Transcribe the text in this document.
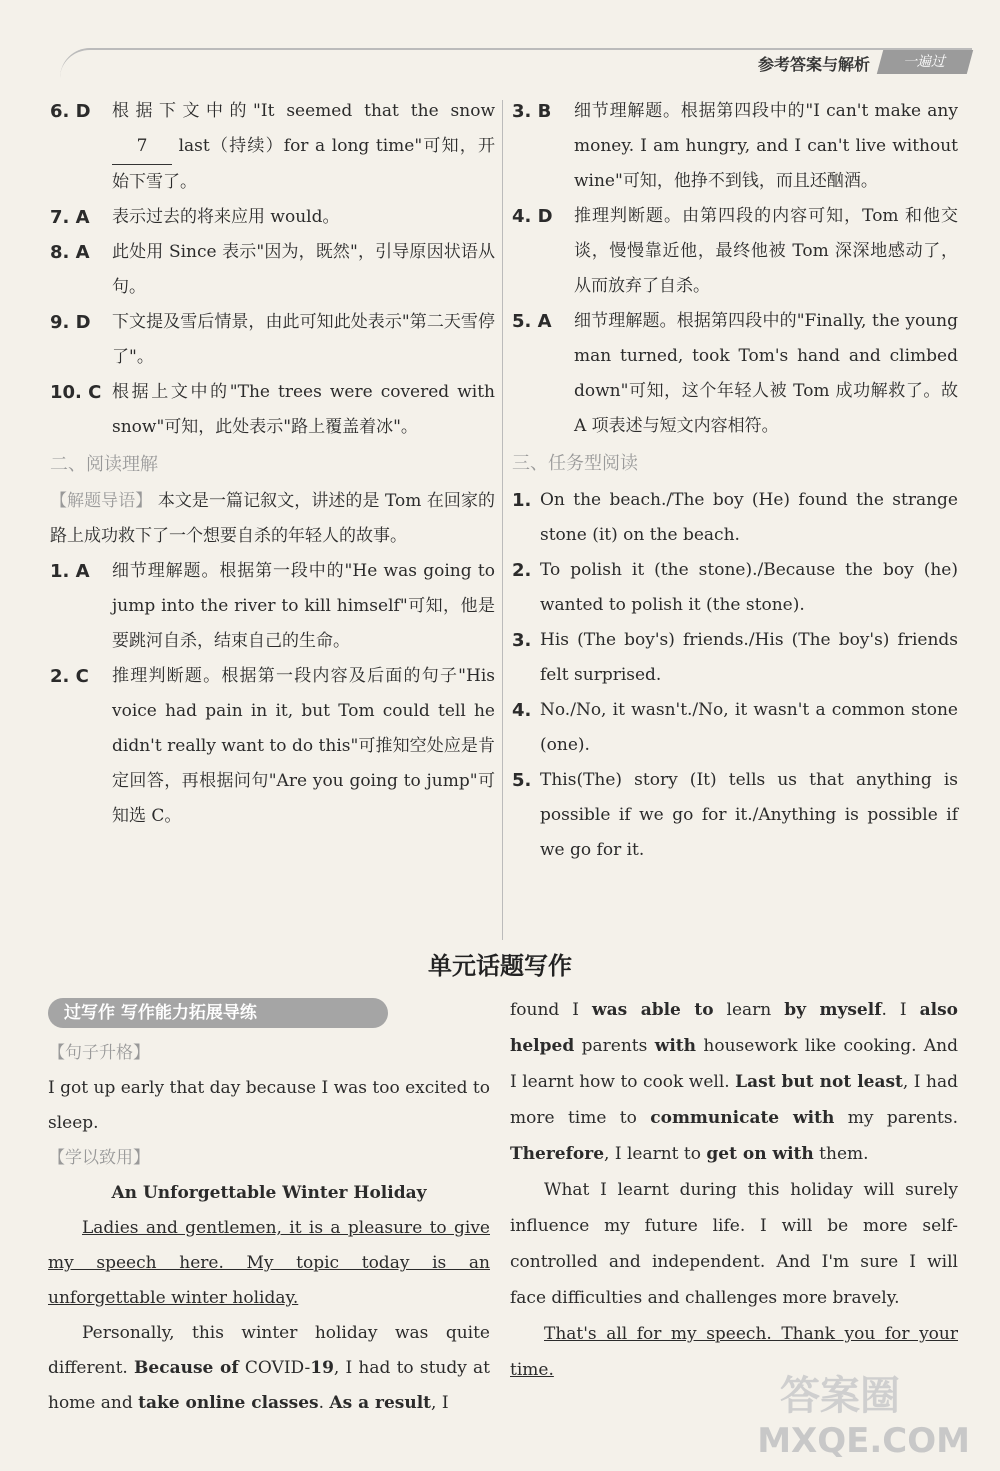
参考答案与解析	一遍过
6. D	根据下文中的"It seemed that the snow 7 last（持续）for a long time"可知，开始下雪了。
7. A	表示过去的将来应用 would。
8. A	此处用 Since 表示"因为，既然"，引导原因状语从句。
9. D	下文提及雪后情景，由此可知此处表示"第二天雪停了"。
10. C 根据上文中的"The trees were covered with snow"可知，此处表示"路上覆盖着冰"。
二、阅读理解
【解题导语】 本文是一篇记叙文，讲述的是 Tom 在回家的路上成功救下了一个想要自杀的年轻人的故事。
1. A	细节理解题。根据第一段中的"He was going to jump into the river to kill himself"可知，他是要跳河自杀，结束自己的生命。
2. C	推理判断题。根据第一段内容及后面的句子"His voice had pain in it, but Tom could tell he didn't really want to do this"可推知空处应是肯定回答，再根据问句"Are you going to jump"可知选 C。
3. B	细节理解题。根据第四段中的"I can't make any money. I am hungry, and I can't live without wine"可知，他挣不到钱，而且还酗酒。
4. D	推理判断题。由第四段的内容可知，Tom 和他交谈，慢慢靠近他，最终他被 Tom 深深地感动了，从而放弃了自杀。
5. A	细节理解题。根据第四段中的"Finally, the young man turned, took Tom's hand and climbed down"可知，这个年轻人被 Tom 成功解救了。故 A 项表述与短文内容相符。
三、任务型阅读
1. On the beach./The boy (He) found the strange stone (it) on the beach.
2. To polish it (the stone)./Because the boy (he) wanted to polish it (the stone).
3. His (The boy's) friends./His (The boy's) friends felt surprised.
4. No./No, it wasn't./No, it wasn't a common stone (one).
5. This(The) story (It) tells us that anything is possible if we go for it./Anything is possible if we go for it.
单元话题写作
过写作 写作能力拓展导练
【句子升格】
I got up early that day because I was too excited to sleep.
【学以致用】
An Unforgettable Winter Holiday
Ladies and gentlemen, it is a pleasure to give my speech here. My topic today is an unforgettable winter holiday.
Personally, this winter holiday was quite different. Because of COVID-19, I had to study at home and take online classes. As a result, I
found I was able to learn by myself. I also helped parents with housework like cooking. And I learnt how to cook well. Last but not least, I had more time to communicate with my parents. Therefore, I learnt to get on with them.
What I learnt during this holiday will surely influence my future life. I will be more self-controlled and independent. And I'm sure I will face difficulties and challenges more bravely.
That's all for my speech. Thank you for your time.
答案圈
MXQE.COM
